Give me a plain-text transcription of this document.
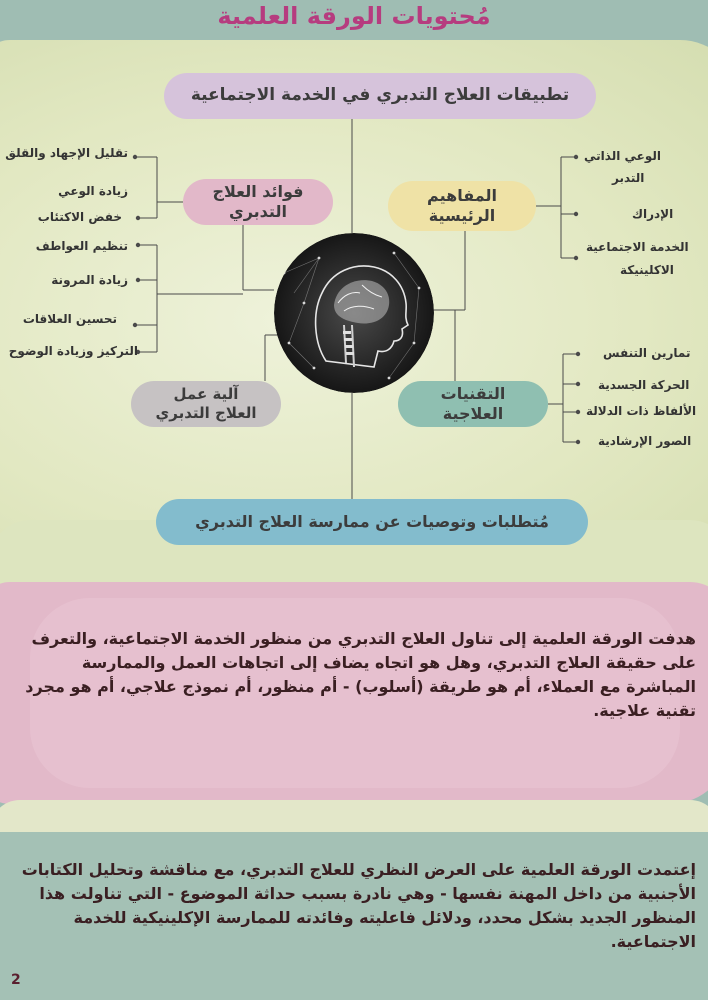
مُحتويات الورقة العلمية
تطبيقات العلاج التدبري في الخدمة الاجتماعية
مُتطلبات وتوصيات عن ممارسة العلاج التدبري
المفاهيم
الرئيسية
فوائد العلاج
التدبري
آلية عمل
العلاج التدبري
التقنيات
العلاجية
الوعي الذاتي
التدبر
الإدراك
الخدمة الاجتماعية
الاكلينيكة
تقليل الإجهاد والقلق
زيادة الوعي
خفض الاكتئاب
تنظيم العواطف
زيادة المرونة
تحسين العلاقات
التركيز وزيادة الوضوح	تمارين التنفس
الحركة الجسدية
الألفاظ ذات الدلالة
الصور الإرشادية
هدفت الورقة العلمية إلى تناول العلاج التدبري من منظور الخدمة الاجتماعية، والتعرف على حقيقة العلاج التدبري، وهل هو اتجاه يضاف إلى اتجاهات العمل والممارسة المباشرة مع العملاء، أم هو طريقة (أسلوب) - أم منظور، أم نموذج علاجي، أم هو مجرد تقنية علاجية.
إعتمدت الورقة العلمية على العرض النظري للعلاج التدبري، مع مناقشة وتحليل الكتابات الأجنبية من داخل المهنة نفسها - وهي نادرة بسبب حداثة الموضوع - التي تناولت هذا المنظور الجديد بشكل محدد، ودلائل فاعليته وفائدته للممارسة الإكلينيكية للخدمة الاجتماعية.
2
